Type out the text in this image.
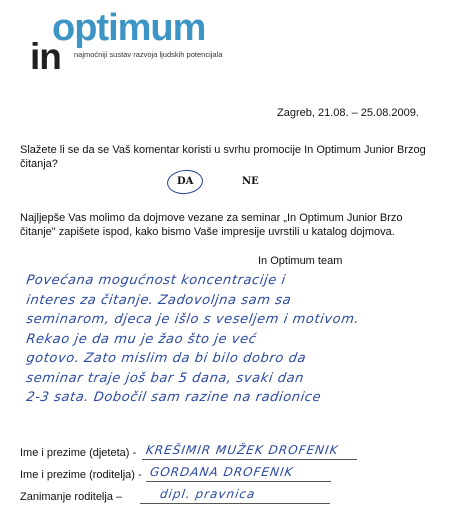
in
optimum
najmoćniji sustav razvoja ljudskih potencijala
Zagreb, 21.08. – 25.08.2009.
Slažete li se da se Vaš komentar koristi u svrhu promocije In Optimum Junior Brzog čitanja?
DA	NE
Najljepše Vas molimo da dojmove vezane za seminar „In Optimum Junior Brzo čitanje" zapišete ispod, kako bismo Vaše impresije uvrstili u katalog dojmova.
In Optimum team
Povećana mogućnost koncentracije i
interes za čitanje. Zadovoljna sam sa
seminarom, djeca je išlo s veseljem i motivom.
Rekao je da mu je žao što je već
gotovo. Zato mislim da bi bilo dobro da
seminar traje još bar 5 dana, svaki dan
2-3 sata. Dobočil sam razine na radionice
Ime i prezime (djeteta) - KREŠIMIR MUŽEK DROFENIK
Ime i prezime (roditelja) - GORDANA DROFENIK
Zanimanje roditelja –	dipl. pravnica
